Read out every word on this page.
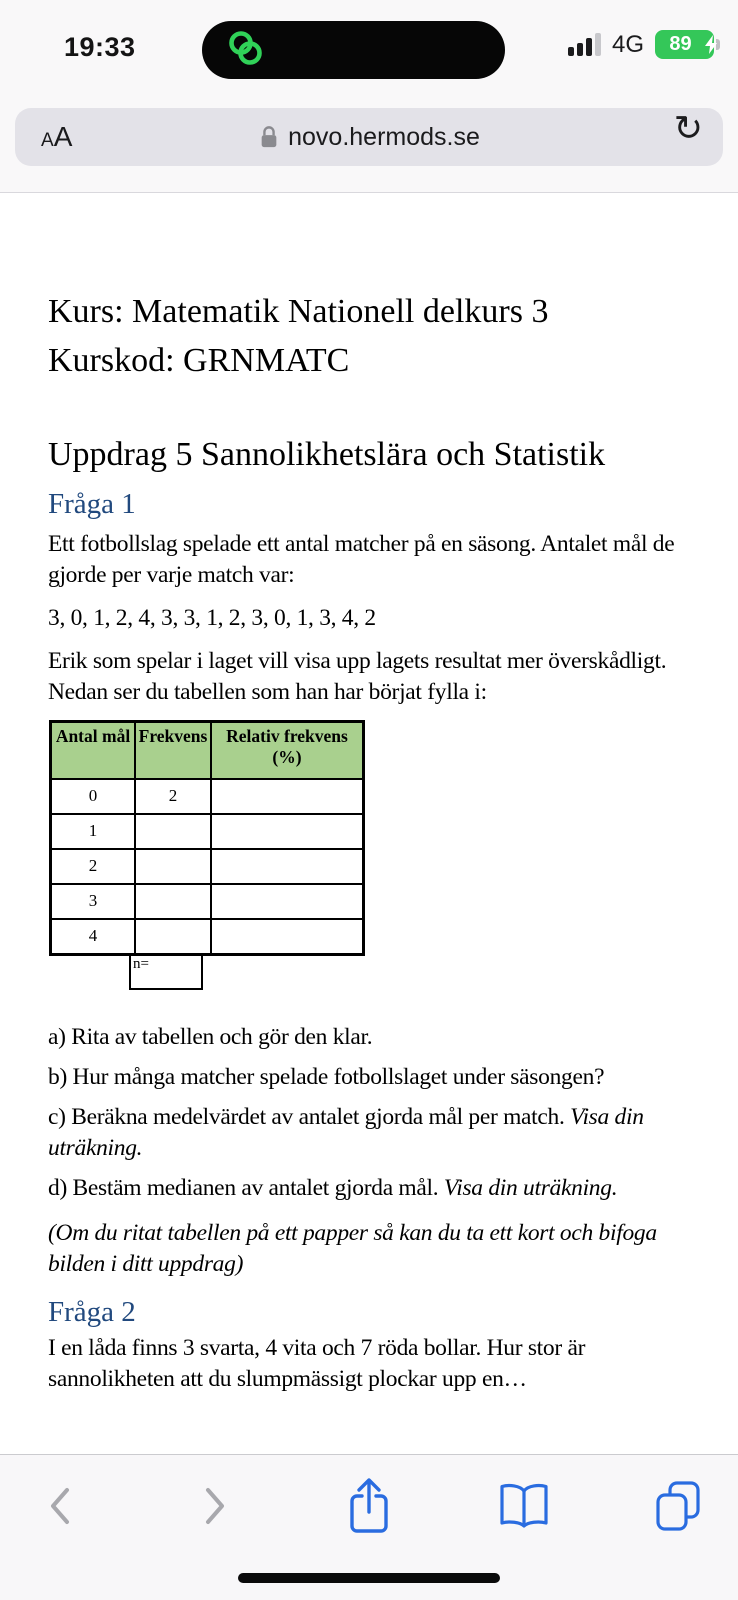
19:33	4G	89
A A	novo.hermods.se	↻
Kurs: Matematik Nationell delkurs 3
Kurskod: GRNMATC
Uppdrag 5 Sannolikhetslära och Statistik
Fråga 1

Ett fotbollslag spelade ett antal matcher på en säsong. Antalet mål de gjorde per varje match var:

3, 0, 1, 2, 4, 3, 3, 1, 2, 3, 0, 1, 3, 4, 2

Erik som spelar i laget vill visa upp lagets resultat mer överskådligt. Nedan ser du tabellen som han har börjat fylla i:

Antal mål	Frekvens	Relativ frekvens (%)
0	2	
1		
2		
3		
4		
n=

a) Rita av tabellen och gör den klar.

b) Hur många matcher spelade fotbollslaget under säsongen?

c) Beräkna medelvärdet av antalet gjorda mål per match. Visa din uträkning.

d) Bestäm medianen av antalet gjorda mål. Visa din uträkning.

(Om du ritat tabellen på ett papper så kan du ta ett kort och bifoga bilden i ditt uppdrag)

Fråga 2

I en låda finns 3 svarta, 4 vita och 7 röda bollar. Hur stor är sannolikheten att du slumpmässigt plockar upp en…
